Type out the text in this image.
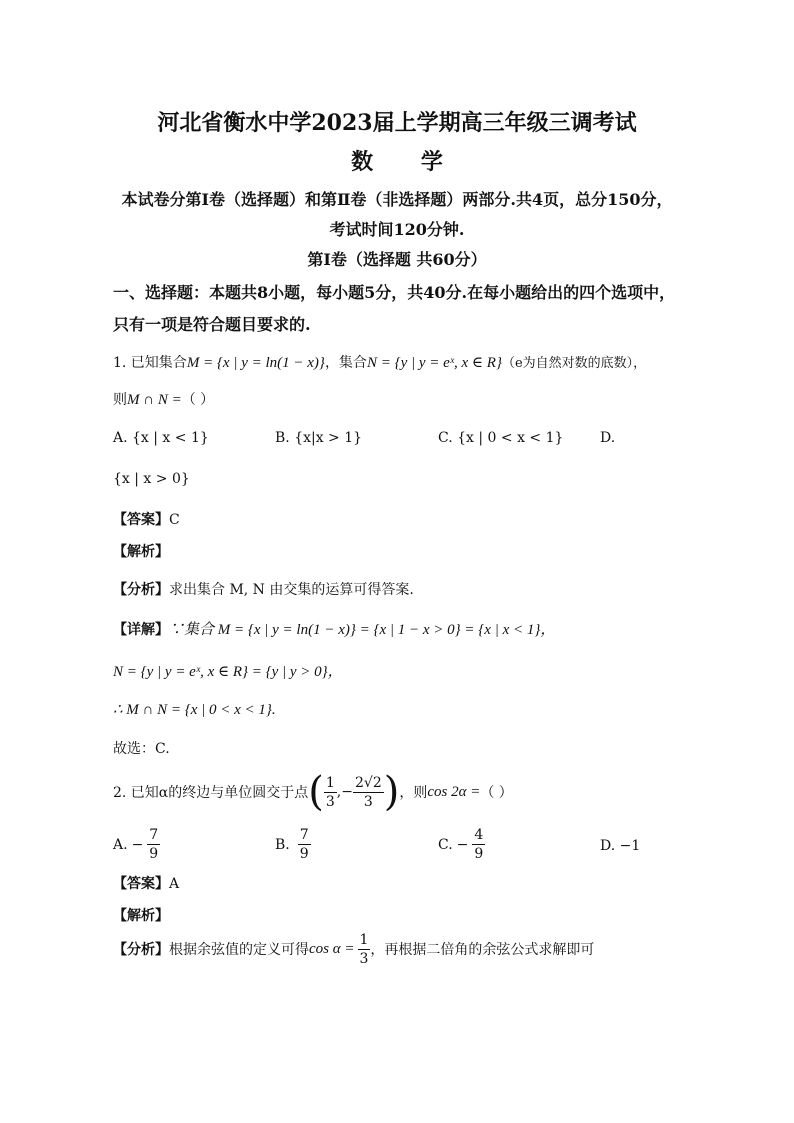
河北省衡水中学2023届上学期高三年级三调考试
数 学
本试卷分第Ⅰ卷（选择题）和第Ⅱ卷（非选择题）两部分.共4页，总分150分，
考试时间120分钟.
第Ⅰ卷（选择题 共60分）
一、选择题：本题共8小题，每小题5分，共40分.在每小题给出的四个选项中，
只有一项是符合题目要求的.
1. 已知集合M = {x | y = ln(1 − x)}，集合N = {y | y = eˣ, x ∈ R}（e为自然对数的底数），
则M ∩ N =（ ）
A. {x | x < 1}	B. {x|x > 1}	C. {x | 0 < x < 1}	D.
{x | x > 0}
【答案】C
【解析】
【分析】求出集合 M, N 由交集的运算可得答案.
【详解】∵集合 M = {x | y = ln(1 − x)} = {x | 1 − x > 0} = {x | x < 1}，
N = {y | y = eˣ, x ∈ R} = {y | y > 0}，
∴ M ∩ N = {x | 0 < x < 1}.
故选：C.
2. 已知α的终边与单位圆交于点 ( $\frac{1}{3}$ ,− $\frac{2√2}{3}$ ) ，则 cos 2α = （ ）
A. − $\frac{7}{9}$	B. $\frac{7}{9}$	C. − $\frac{4}{9}$	D. −1
【答案】A
【解析】
【分析】 根据余弦值的定义可得 $\cos \alpha = \frac{1}{3}$ ，再根据二倍角的余弦公式求解即可
